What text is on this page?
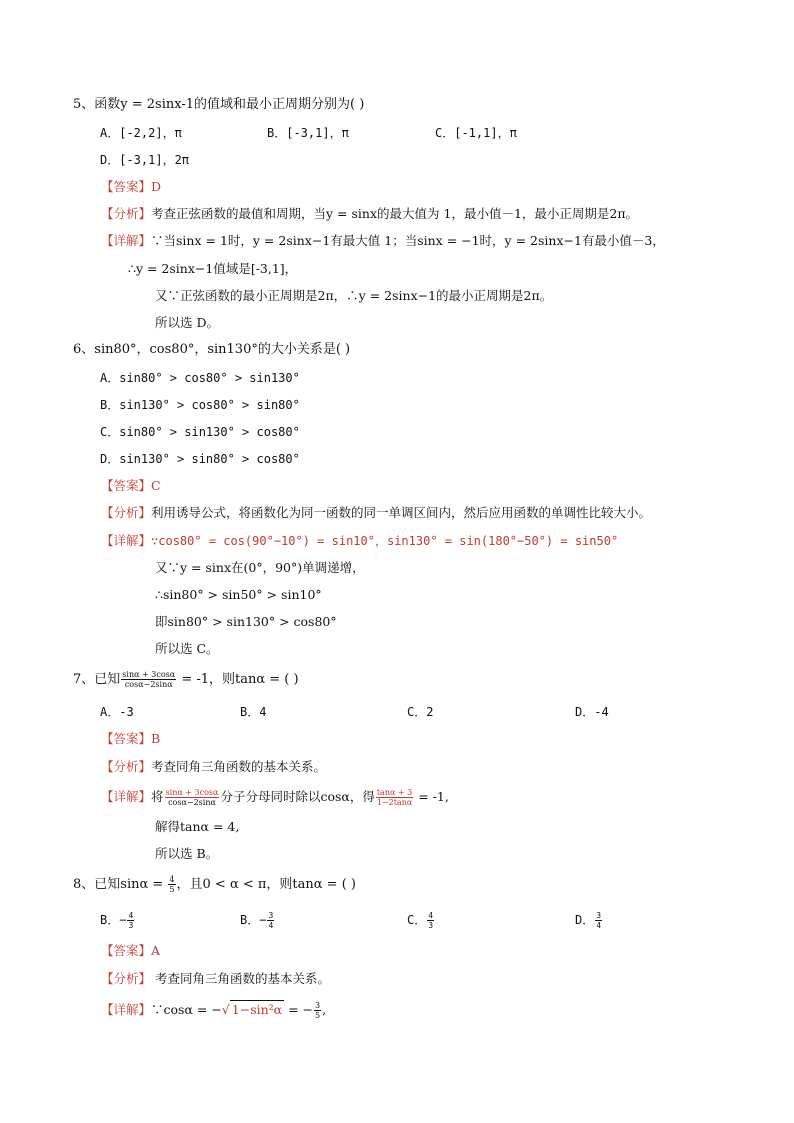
5、函数y = 2sinx-1的值域和最小正周期分别为( )
A．[-2,2]，π	B．[-3,1]，π	C．[-1,1]，π
D．[-3,1]，2π
【答案】D
【分析】考查正弦函数的最值和周期，当y = sinx的最大值为 1，最小值－1，最小正周期是2π。
【详解】∵当sinx = 1时，y = 2sinx−1有最大值 1；当sinx = −1时，y = 2sinx−1有最小值－3，
∴y = 2sinx−1值域是[-3,1]，
又∵正弦函数的最小正周期是2π，∴y = 2sinx−1的最小正周期是2π。
所以选 D。
6、sin80°，cos80°，sin130°的大小关系是( )
A．sin80° > cos80° > sin130°
B．sin130° > cos80° > sin80°
C．sin80° > sin130° > cos80°
D．sin130° > sin80° > cos80°
【答案】C
【分析】利用诱导公式，将函数化为同一函数的同一单调区间内，然后应用函数的单调性比较大小。
【详解】∵cos80° = cos(90°−10°) = sin10°，sin130° = sin(180°−50°) = sin50°
又∵y = sinx在(0°，90°)单调递增，
∴sin80° > sin50° > sin10°
即sin80° > sin130° > cos80°
所以选 C。
7、已知 $\frac{\sin\alpha + 3\cos\alpha}{\cos\alpha-2\sin\alpha} = -1$，则tanα = ( )
A．-3	B．4	C．2	D．-4
【答案】B
【分析】考查同角三角函数的基本关系。
【详解】将 $\frac{\sin\alpha + 3\cos\alpha}{\cos\alpha-2\sin\alpha}$ 分子分母同时除以cosα，得 $\frac{\tan\alpha + 3}{1-2\tan\alpha} = -1$,
解得tanα = 4,
所以选 B。
8、已知$\sin\alpha = \frac{4}{5}$ ，且0 < α < π，则tanα = ( )
B．− $\frac{4}{3}$	B．− $\frac{3}{4}$	C． $\frac{4}{3}$	D． $\frac{3}{4}$
【答案】A
【分析】 考查同角三角函数的基本关系。
【详解】∵cosα = −√ 1−sin²α = − $\frac{3}{5}$ ,
